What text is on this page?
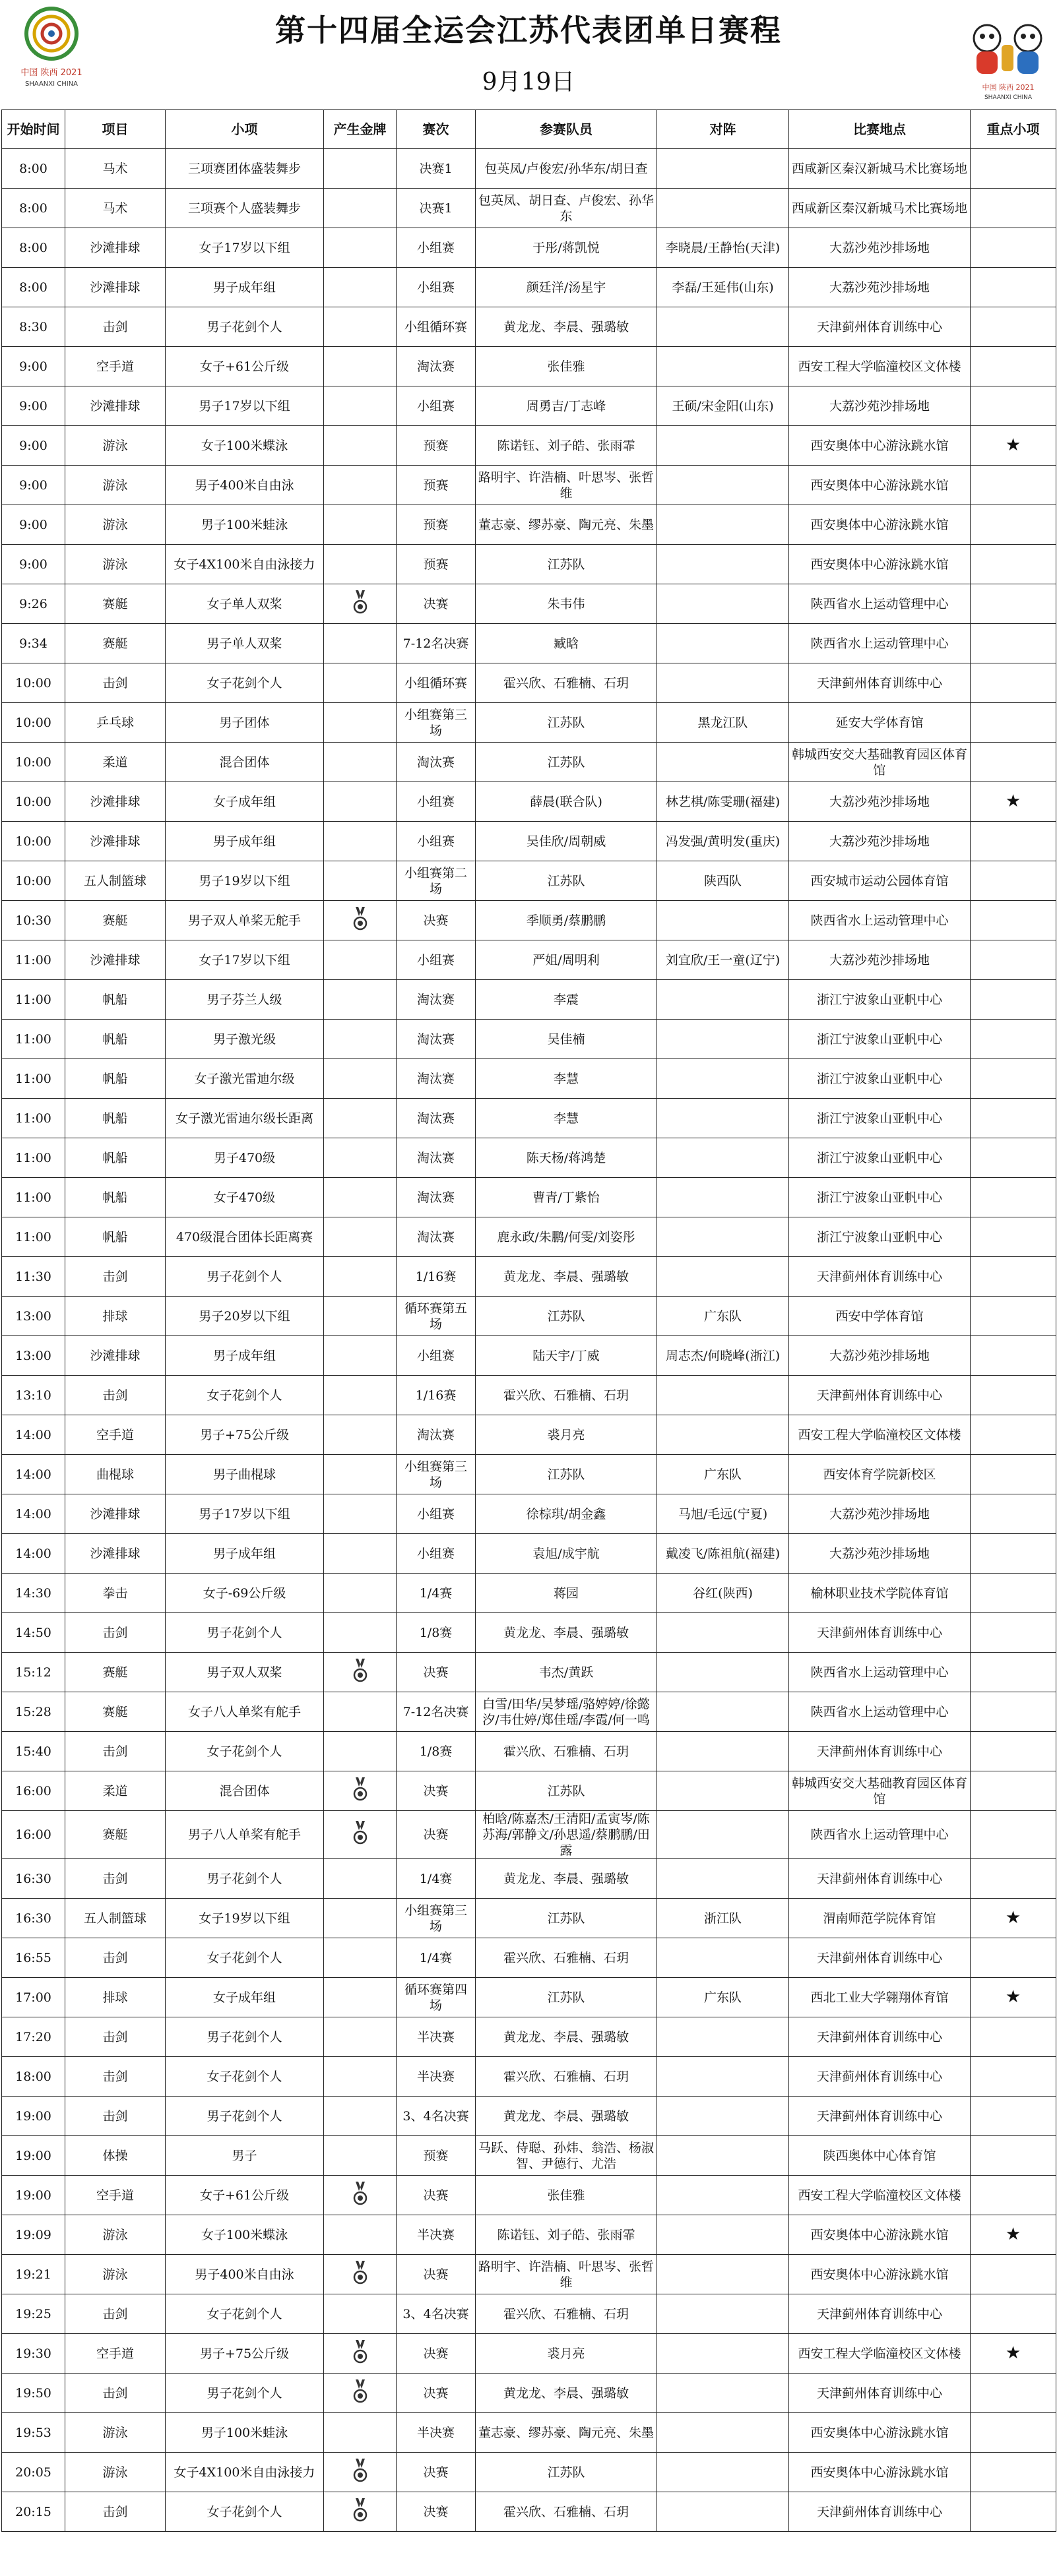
中国 陕西 2021
SHAANXI CHINA
第十四届全运会江苏代表团单日赛程
9月19日	中国 陕西 2021
SHAANXI CHINA
开始时间	项目	小项	产生金牌	赛次	参赛队员	对阵	比赛地点	重点小项
8:00	马术	三项赛团体盛装舞步		决赛1	包英凤/卢俊宏/孙华东/胡日查		西咸新区秦汉新城马术比赛场地	
8:00	马术	三项赛个人盛装舞步		决赛1	包英凤、胡日查、卢俊宏、孙华东		西咸新区秦汉新城马术比赛场地	
8:00	沙滩排球	女子17岁以下组		小组赛	于彤/蒋凯悦	李晓晨/王静怡(天津)	大荔沙苑沙排场地	
8:00	沙滩排球	男子成年组		小组赛	颜廷洋/汤星宇	李磊/王延伟(山东)	大荔沙苑沙排场地	
8:30	击剑	男子花剑个人		小组循环赛	黄龙龙、李晨、强璐敏		天津蓟州体育训练中心	
9:00	空手道	女子+61公斤级		淘汰赛	张佳雅		西安工程大学临潼校区文体楼	
9:00	沙滩排球	男子17岁以下组		小组赛	周勇吉/丁志峰	王硕/宋金阳(山东)	大荔沙苑沙排场地	
9:00	游泳	女子100米蝶泳		预赛	陈诺钰、刘子皓、张雨霏		西安奥体中心游泳跳水馆	★
9:00	游泳	男子400米自由泳		预赛	路明宇、许浩楠、叶思岑、张哲维		西安奥体中心游泳跳水馆	
9:00	游泳	男子100米蛙泳		预赛	董志豪、缪苏豪、陶元亮、朱墨		西安奥体中心游泳跳水馆	
9:00	游泳	女子4X100米自由泳接力		预赛	江苏队		西安奥体中心游泳跳水馆	
9:26	赛艇	女子单人双桨		决赛	朱韦伟		陕西省水上运动管理中心	
9:34	赛艇	男子单人双桨		7-12名决赛	臧晗		陕西省水上运动管理中心	
10:00	击剑	女子花剑个人		小组循环赛	霍兴欣、石雅楠、石玥		天津蓟州体育训练中心	
10:00	乒乓球	男子团体		小组赛第三场	江苏队	黑龙江队	延安大学体育馆	
10:00	柔道	混合团体		淘汰赛	江苏队		韩城西安交大基础教育园区体育馆	
10:00	沙滩排球	女子成年组		小组赛	薛晨(联合队)	林艺棋/陈雯珊(福建)	大荔沙苑沙排场地	★
10:00	沙滩排球	男子成年组		小组赛	吴佳欣/周朝威	冯发强/黄明发(重庆)	大荔沙苑沙排场地	
10:00	五人制篮球	男子19岁以下组		小组赛第二场	江苏队	陕西队	西安城市运动公园体育馆	
10:30	赛艇	男子双人单桨无舵手		决赛	季顺勇/蔡鹏鹏		陕西省水上运动管理中心	
11:00	沙滩排球	女子17岁以下组		小组赛	严姐/周明利	刘宜欣/王一童(辽宁)	大荔沙苑沙排场地	
11:00	帆船	男子芬兰人级		淘汰赛	李震		浙江宁波象山亚帆中心	
11:00	帆船	男子激光级		淘汰赛	吴佳楠		浙江宁波象山亚帆中心	
11:00	帆船	女子激光雷迪尔级		淘汰赛	李慧		浙江宁波象山亚帆中心	
11:00	帆船	女子激光雷迪尔级长距离		淘汰赛	李慧		浙江宁波象山亚帆中心	
11:00	帆船	男子470级		淘汰赛	陈天杨/蒋鸿楚		浙江宁波象山亚帆中心	
11:00	帆船	女子470级		淘汰赛	曹青/丁紫怡		浙江宁波象山亚帆中心	
11:00	帆船	470级混合团体长距离赛		淘汰赛	鹿永政/朱鹏/何雯/刘姿彤		浙江宁波象山亚帆中心	
11:30	击剑	男子花剑个人		1/16赛	黄龙龙、李晨、强璐敏		天津蓟州体育训练中心	
13:00	排球	男子20岁以下组		循环赛第五场	江苏队	广东队	西安中学体育馆	
13:00	沙滩排球	男子成年组		小组赛	陆天宇/丁威	周志杰/何晓峰(浙江)	大荔沙苑沙排场地	
13:10	击剑	女子花剑个人		1/16赛	霍兴欣、石雅楠、石玥		天津蓟州体育训练中心	
14:00	空手道	男子+75公斤级		淘汰赛	裘月亮		西安工程大学临潼校区文体楼	
14:00	曲棍球	男子曲棍球		小组赛第三场	江苏队	广东队	西安体育学院新校区	
14:00	沙滩排球	男子17岁以下组		小组赛	徐棕琪/胡金鑫	马旭/毛远(宁夏)	大荔沙苑沙排场地	
14:00	沙滩排球	男子成年组		小组赛	袁旭/成宇航	戴凌飞/陈祖航(福建)	大荔沙苑沙排场地	
14:30	拳击	女子-69公斤级		1/4赛	蒋园	谷红(陕西)	榆林职业技术学院体育馆	
14:50	击剑	男子花剑个人		1/8赛	黄龙龙、李晨、强璐敏		天津蓟州体育训练中心	
15:12	赛艇	男子双人双桨		决赛	韦杰/黄跃		陕西省水上运动管理中心	
15:28	赛艇	女子八人单桨有舵手		7-12名决赛	白雪/田华/吴梦瑶/骆婷婷/徐懿汐/韦仕婷/郑佳瑶/李霞/何一鸣		陕西省水上运动管理中心	
15:40	击剑	女子花剑个人		1/8赛	霍兴欣、石雅楠、石玥		天津蓟州体育训练中心	
16:00	柔道	混合团体		决赛	江苏队		韩城西安交大基础教育园区体育馆	
16:00	赛艇	男子八人单桨有舵手		决赛	柏晗/陈嘉杰/王清阳/孟寅岑/陈苏海/郭静文/孙思遥/蔡鹏鹏/田露		陕西省水上运动管理中心	
16:30	击剑	男子花剑个人		1/4赛	黄龙龙、李晨、强璐敏		天津蓟州体育训练中心	
16:30	五人制篮球	女子19岁以下组		小组赛第三场	江苏队	浙江队	渭南师范学院体育馆	★
16:55	击剑	女子花剑个人		1/4赛	霍兴欣、石雅楠、石玥		天津蓟州体育训练中心	
17:00	排球	女子成年组		循环赛第四场	江苏队	广东队	西北工业大学翱翔体育馆	★
17:20	击剑	男子花剑个人		半决赛	黄龙龙、李晨、强璐敏		天津蓟州体育训练中心	
18:00	击剑	女子花剑个人		半决赛	霍兴欣、石雅楠、石玥		天津蓟州体育训练中心	
19:00	击剑	男子花剑个人		3、4名决赛	黄龙龙、李晨、强璐敏		天津蓟州体育训练中心	
19:00	体操	男子		预赛	马跃、侍聪、孙炜、翁浩、杨淑智、尹德行、尤浩		陕西奥体中心体育馆	
19:00	空手道	女子+61公斤级		决赛	张佳雅		西安工程大学临潼校区文体楼	
19:09	游泳	女子100米蝶泳		半决赛	陈诺钰、刘子皓、张雨霏		西安奥体中心游泳跳水馆	★
19:21	游泳	男子400米自由泳		决赛	路明宇、许浩楠、叶思岑、张哲维		西安奥体中心游泳跳水馆	
19:25	击剑	女子花剑个人		3、4名决赛	霍兴欣、石雅楠、石玥		天津蓟州体育训练中心	
19:30	空手道	男子+75公斤级		决赛	裘月亮		西安工程大学临潼校区文体楼	★
19:50	击剑	男子花剑个人		决赛	黄龙龙、李晨、强璐敏		天津蓟州体育训练中心	
19:53	游泳	男子100米蛙泳		半决赛	董志豪、缪苏豪、陶元亮、朱墨		西安奥体中心游泳跳水馆	
20:05	游泳	女子4X100米自由泳接力		决赛	江苏队		西安奥体中心游泳跳水馆	
20:15	击剑	女子花剑个人		决赛	霍兴欣、石雅楠、石玥		天津蓟州体育训练中心	
